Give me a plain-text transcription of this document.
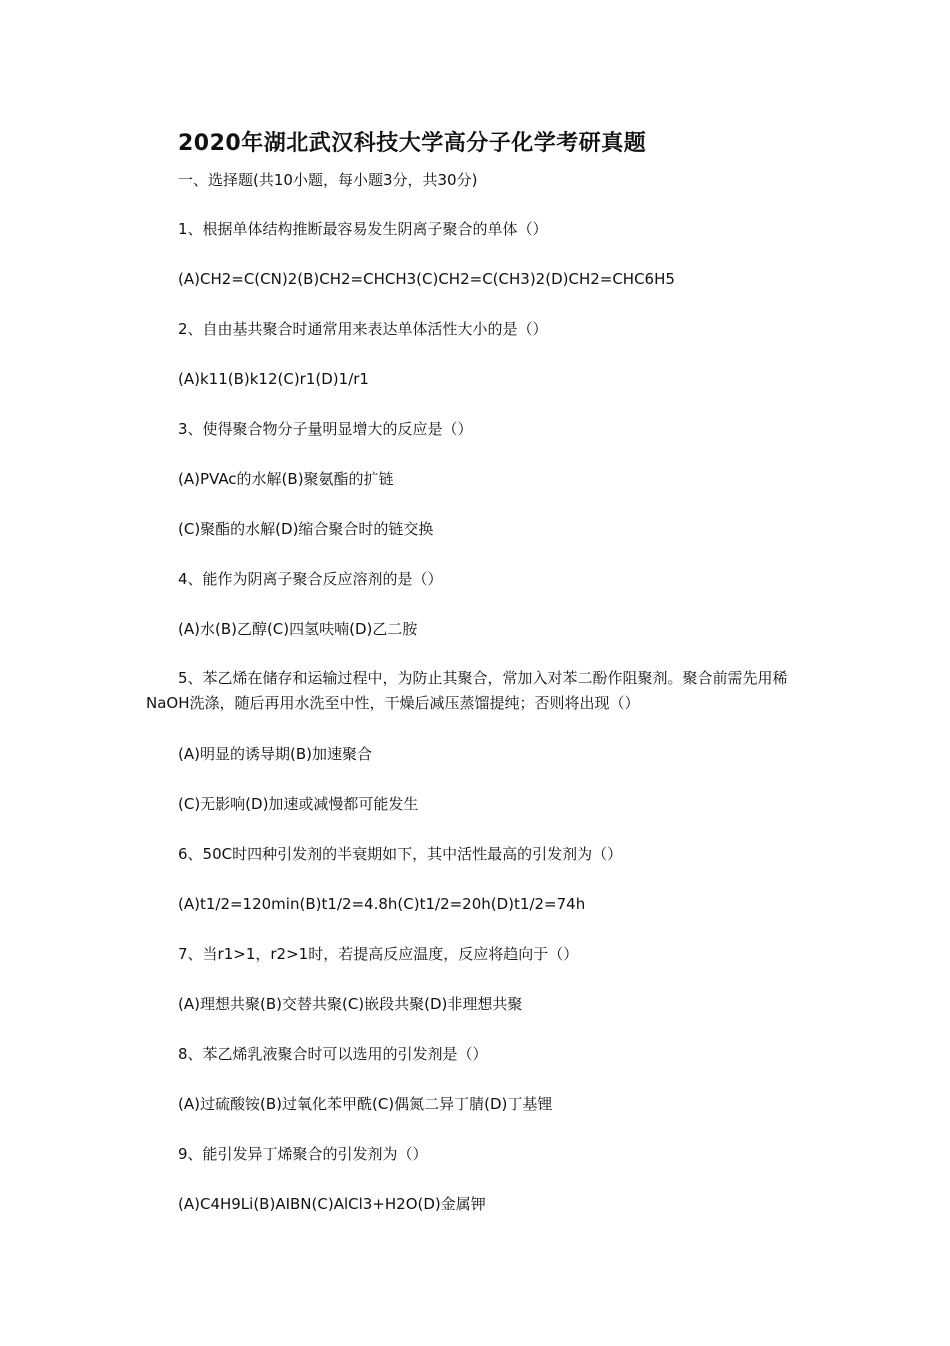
2020年湖北武汉科技大学高分子化学考研真题
一、选择题(共10小题，每小题3分，共30分)
1、根据单体结构推断最容易发生阴离子聚合的单体（）
(A)CH2=C(CN)2(B)CH2=CHCH3(C)CH2=C(CH3)2(D)CH2=CHC6H5
2、自由基共聚合时通常用来表达单体活性大小的是（）
(A)k11(B)k12(C)r1(D)1/r1
3、使得聚合物分子量明显增大的反应是（）
(A)PVAc的水解(B)聚氨酯的扩链
(C)聚酯的水解(D)缩合聚合时的链交换
4、能作为阴离子聚合反应溶剂的是（）
(A)水(B)乙醇(C)四氢呋喃(D)乙二胺
5、苯乙烯在储存和运输过程中，为防止其聚合，常加入对苯二酚作阻聚剂。聚合前需先用稀NaOH洗涤，随后再用水洗至中性，干燥后减压蒸馏提纯；否则将出现（）
(A)明显的诱导期(B)加速聚合
(C)无影响(D)加速或减慢都可能发生
6、50C时四种引发剂的半衰期如下，其中活性最高的引发剂为（）
(A)t1/2=120min(B)t1/2=4.8h(C)t1/2=20h(D)t1/2=74h
7、当r1>1，r2>1时，若提高反应温度，反应将趋向于（）
(A)理想共聚(B)交替共聚(C)嵌段共聚(D)非理想共聚
8、苯乙烯乳液聚合时可以选用的引发剂是（）
(A)过硫酸铵(B)过氧化苯甲酰(C)偶氮二异丁腈(D)丁基锂
9、能引发异丁烯聚合的引发剂为（）
(A)C4H9Li(B)AIBN(C)AlCl3+H2O(D)金属钾
